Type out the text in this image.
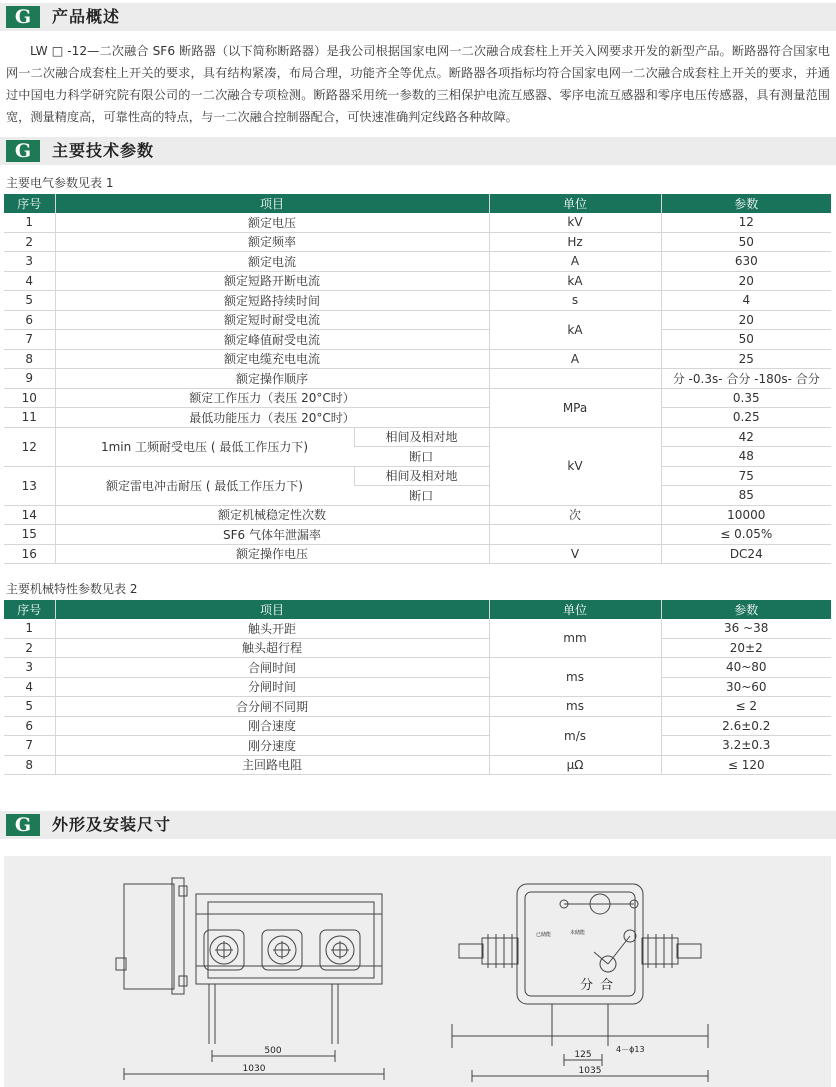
G	产品概述
LW □ -12—二次融合 SF6 断路器（以下简称断路器）是我公司根据国家电网一二次融合成套柱上开关入网要求开发的新型产品。断路器符合国家电网一二次融合成套柱上开关的要求，具有结构紧凑，布局合理，功能齐全等优点。断路器各项指标均符合国家电网一二次融合成套柱上开关的要求，并通过中国电力科学研究院有限公司的一二次融合专项检测。断路器采用统一参数的三相保护电流互感器、零序电流互感器和零序电压传感器，具有测量范围宽，测量精度高，可靠性高的特点，与一二次融合控制器配合，可快速准确判定线路各种故障。
G	主要技术参数
主要电气参数见表 1
序号	项目		单位	参数
1	额定电压		kV	12
2	额定频率		Hz	50
3	额定电流		A	630
4	额定短路开断电流		kA	20
5	额定短路持续时间		s	4
6	额定短时耐受电流		kA	20
7	额定峰值耐受电流			50
8	额定电缆充电电流		A	25
9	额定操作顺序			分 -0.3s- 合分 -180s- 合分
10	额定工作压力（表压 20°C时）		MPa	0.35
11	最低功能压力（表压 20°C时）			0.25
12	1min 工频耐受电压 ( 最低工作压力下)	相间及相对地	kV	42
		断口		48
13	额定雷电冲击耐压 ( 最低工作压力下)	相间及相对地		75
		断口		85
14	额定机械稳定性次数		次	10000
15	SF6 气体年泄漏率			≤ 0.05%
16	额定操作电压		V	DC24
主要机械特性参数见表 2
序号	项目	单位	参数
1	触头开距	mm	36 ~38
2	触头超行程		20±2
3	合闸时间	ms	40~80
4	分闸时间		30~60
5	合分闸不同期	ms	≤ 2
6	刚合速度	m/s	2.6±0.2
7	刚分速度		3.2±0.3
8	主回路电阻	μΩ	≤ 120
G	外形及安装尺寸
500
1030
125
1035
4－ϕ13
分 合
已储能	未储能
